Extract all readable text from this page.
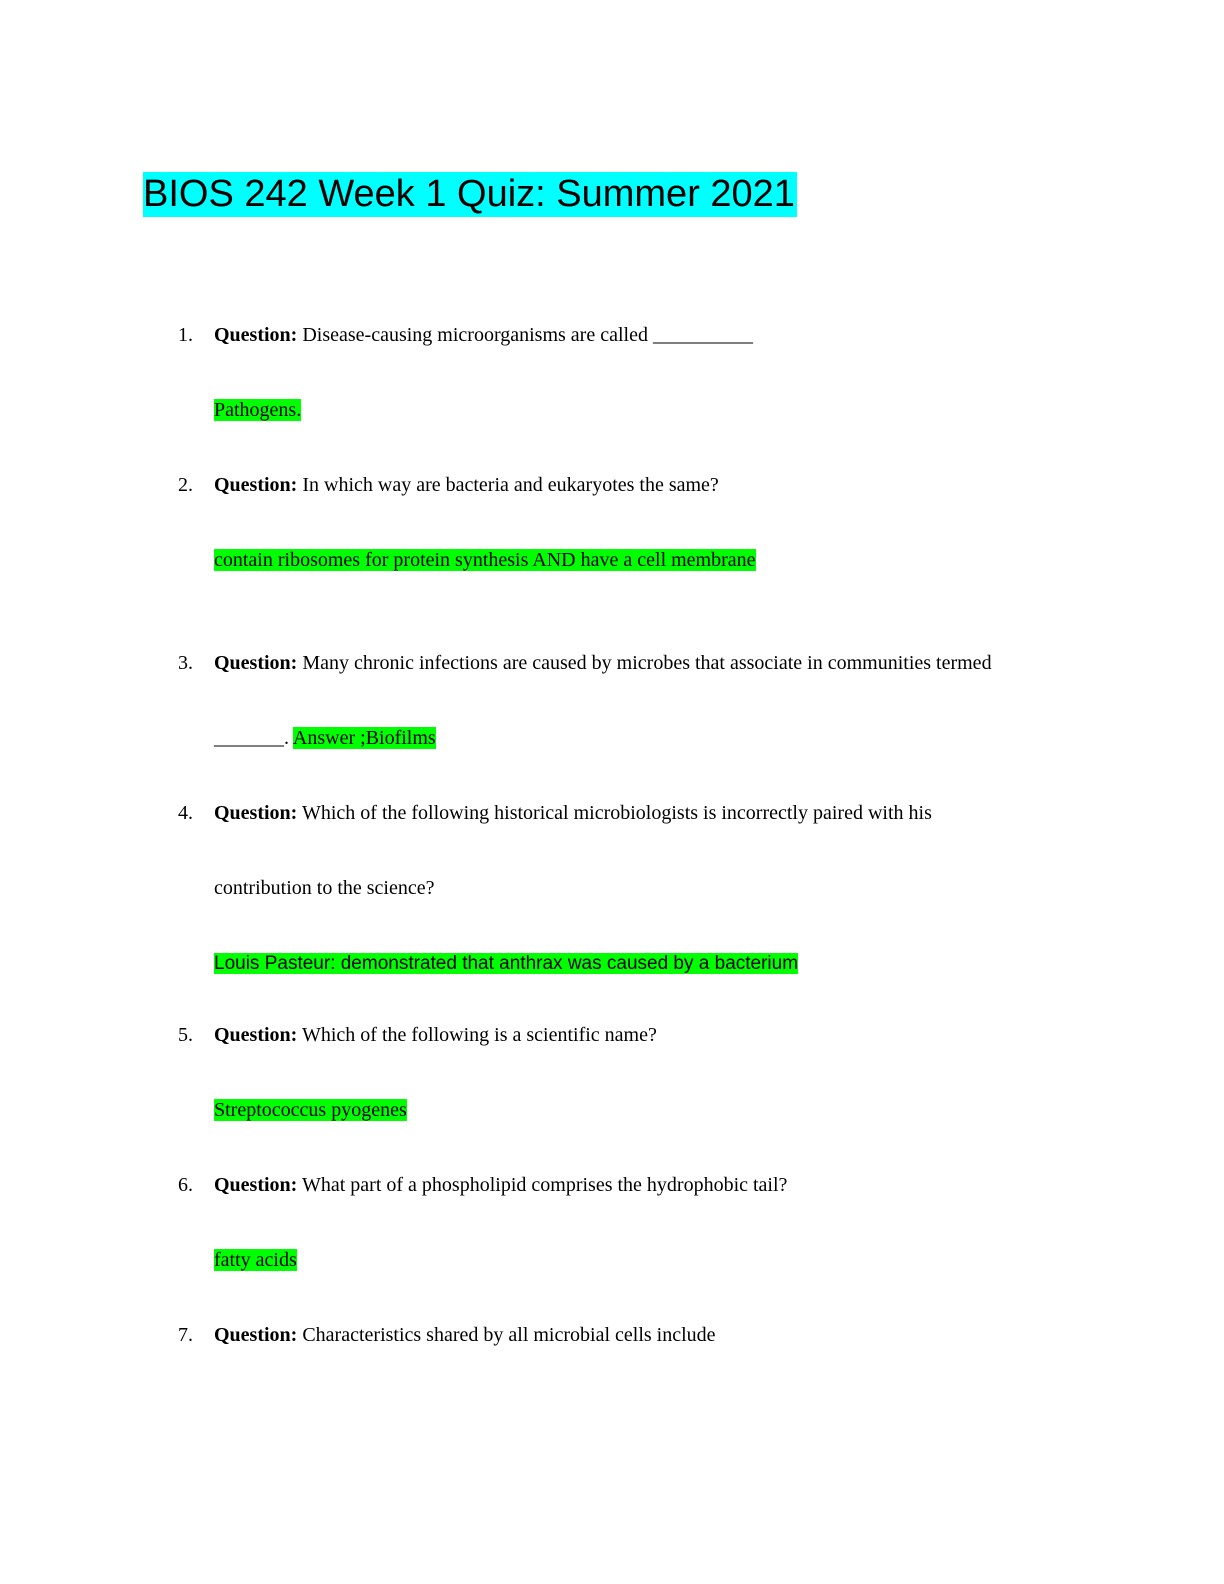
BIOS 242 Week 1 Quiz: Summer 2021
1. Question: Disease-causing microorganisms are called __________
Pathogens.
2. Question: In which way are bacteria and eukaryotes the same?
contain ribosomes for protein synthesis AND have a cell membrane
3. Question: Many chronic infections are caused by microbes that associate in communities termed
_______. Answer ;Biofilms
4. Question: Which of the following historical microbiologists is incorrectly paired with his
contribution to the science?
Louis Pasteur: demonstrated that anthrax was caused by a bacterium
5. Question: Which of the following is a scientific name?
Streptococcus pyogenes
6. Question: What part of a phospholipid comprises the hydrophobic tail?
fatty acids
7. Question: Characteristics shared by all microbial cells include
